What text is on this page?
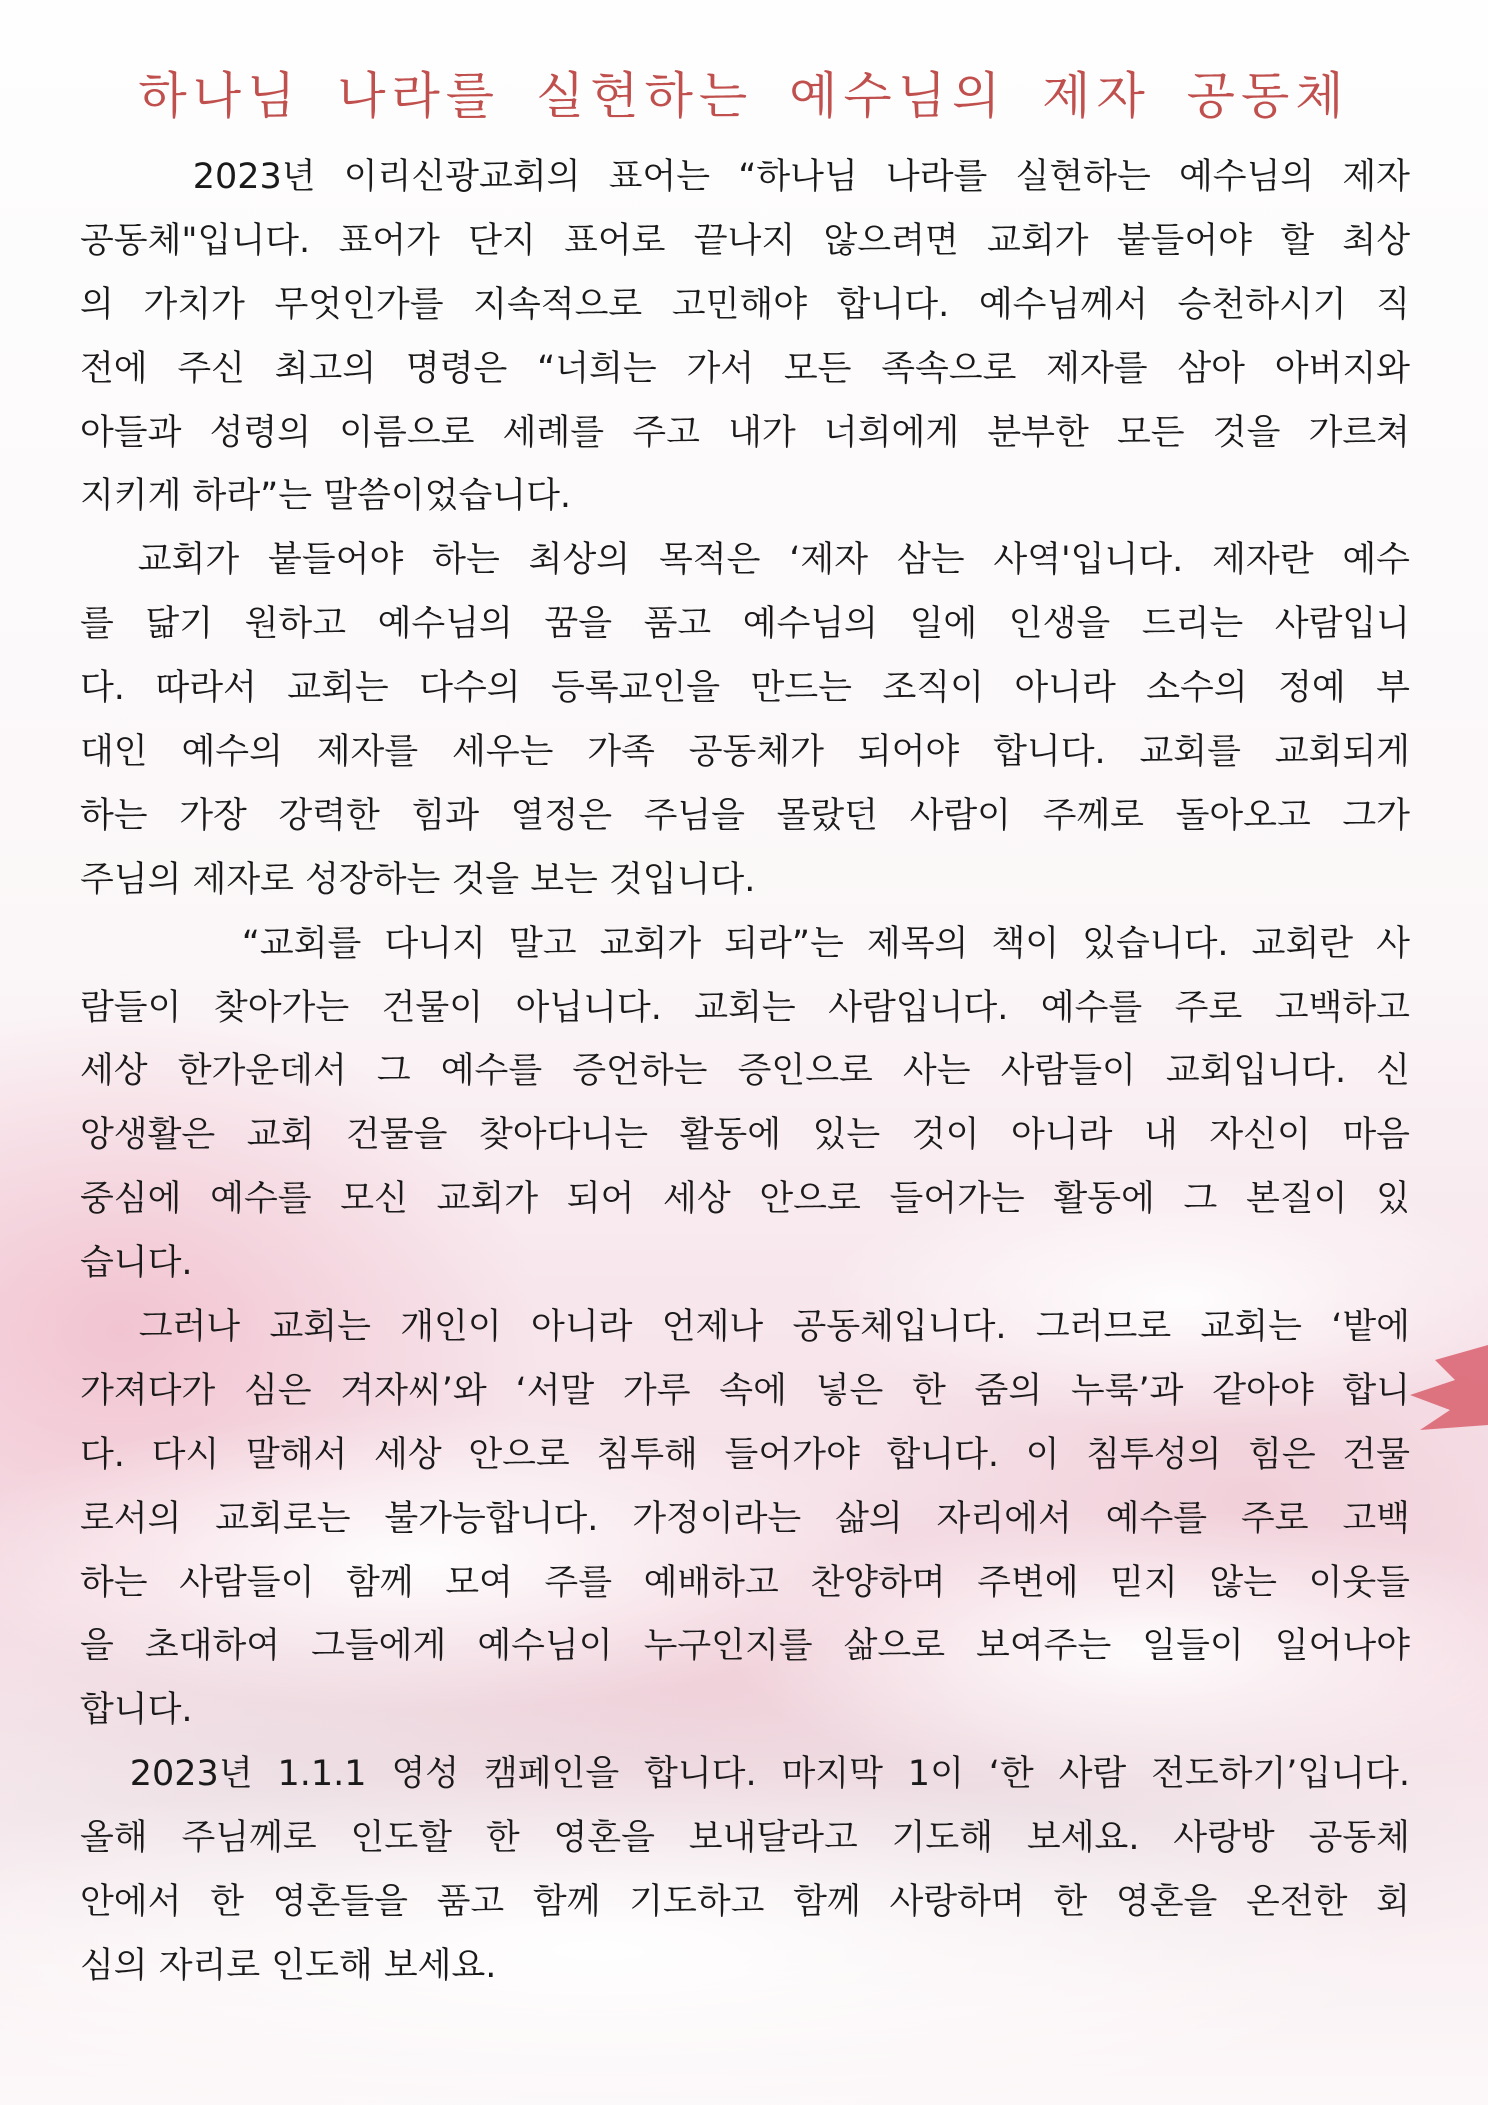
하나님 나라를 실현하는 예수님의 제자 공동체
2023년 이리신광교회의 표어는 “하나님 나라를 실현하는 예수님의 제자
공동체"입니다. 표어가 단지 표어로 끝나지 않으려면 교회가 붙들어야 할 최상
의 가치가 무엇인가를 지속적으로 고민해야 합니다. 예수님께서 승천하시기 직
전에 주신 최고의 명령은 “너희는 가서 모든 족속으로 제자를 삼아 아버지와
아들과 성령의 이름으로 세례를 주고 내가 너희에게 분부한 모든 것을 가르쳐
지키게 하라”는 말씀이었습니다.
교회가 붙들어야 하는 최상의 목적은 ‘제자 삼는 사역'입니다. 제자란 예수
를 닮기 원하고 예수님의 꿈을 품고 예수님의 일에 인생을 드리는 사람입니
다. 따라서 교회는 다수의 등록교인을 만드는 조직이 아니라 소수의 정예 부
대인 예수의 제자를 세우는 가족 공동체가 되어야 합니다. 교회를 교회되게
하는 가장 강력한 힘과 열정은 주님을 몰랐던 사람이 주께로 돌아오고 그가
주님의 제자로 성장하는 것을 보는 것입니다.
“교회를 다니지 말고 교회가 되라”는 제목의 책이 있습니다. 교회란 사
람들이 찾아가는 건물이 아닙니다. 교회는 사람입니다. 예수를 주로 고백하고
세상 한가운데서 그 예수를 증언하는 증인으로 사는 사람들이 교회입니다. 신
앙생활은 교회 건물을 찾아다니는 활동에 있는 것이 아니라 내 자신이 마음
중심에 예수를 모신 교회가 되어 세상 안으로 들어가는 활동에 그 본질이 있
습니다.
그러나 교회는 개인이 아니라 언제나 공동체입니다. 그러므로 교회는 ‘밭에
가져다가 심은 겨자씨’와 ‘서말 가루 속에 넣은 한 줌의 누룩’과 같아야 합니
다. 다시 말해서 세상 안으로 침투해 들어가야 합니다. 이 침투성의 힘은 건물
로서의 교회로는 불가능합니다. 가정이라는 삶의 자리에서 예수를 주로 고백
하는 사람들이 함께 모여 주를 예배하고 찬양하며 주변에 믿지 않는 이웃들
을 초대하여 그들에게 예수님이 누구인지를 삶으로 보여주는 일들이 일어나야
합니다.
2023년 1.1.1 영성 캠페인을 합니다. 마지막 1이 ‘한 사람 전도하기’입니다.
올해 주님께로 인도할 한 영혼을 보내달라고 기도해 보세요. 사랑방 공동체
안에서 한 영혼들을 품고 함께 기도하고 함께 사랑하며 한 영혼을 온전한 회
심의 자리로 인도해 보세요.
